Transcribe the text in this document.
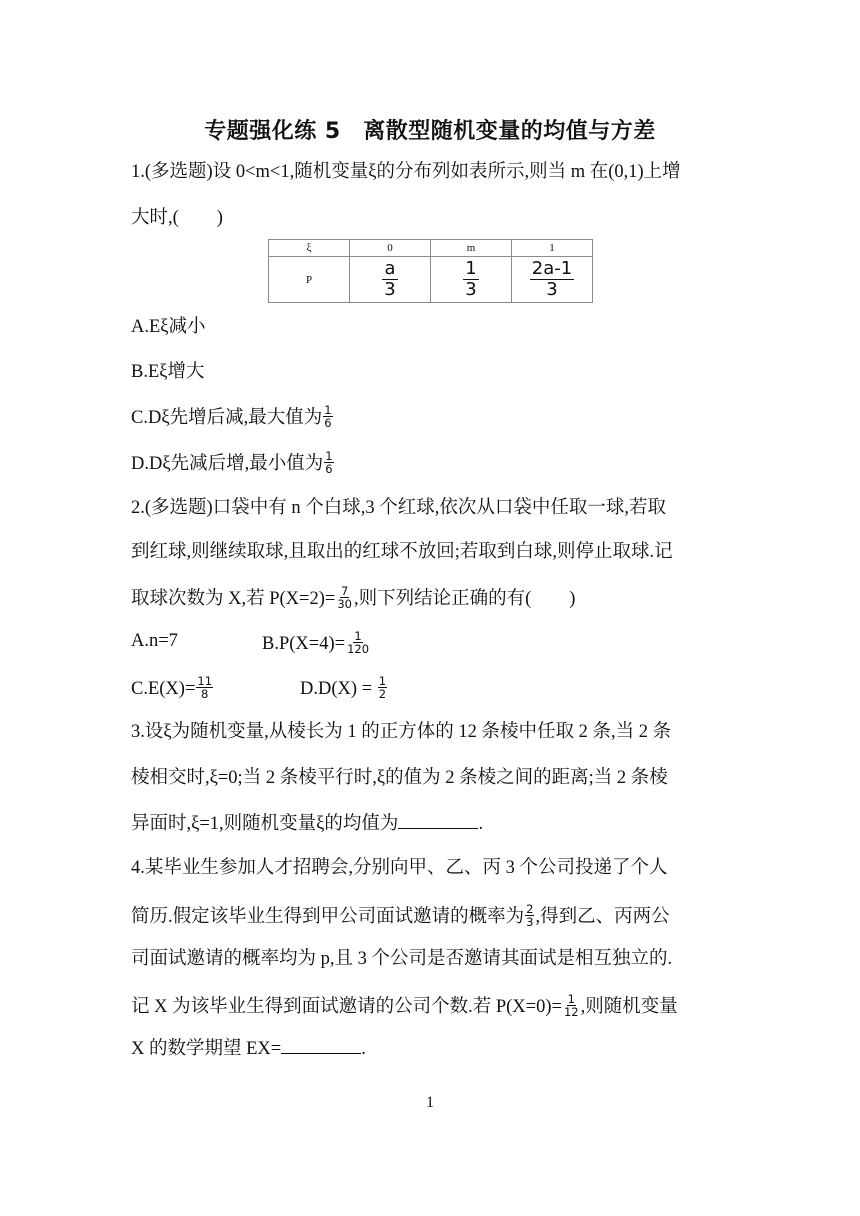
专题强化练 5　离散型随机变量的均值与方差
1.(多选题)设 0<m<1,随机变量ξ的分布列如表所示,则当 m 在(0,1)上增
大时,( )
ξ	0	m	1
P	$\frac{a}{3}$	$\frac{1}{3}$	$\frac{2a-1}{3}$
A.Eξ减小
B.Eξ增大
C.Dξ先增后减,最大值为 $\frac{1}{6}$
D.Dξ先减后增,最小值为 $\frac{1}{6}$
2.(多选题)口袋中有 n 个白球,3 个红球,依次从口袋中任取一球,若取
到红球,则继续取球,且取出的红球不放回;若取到白球,则停止取球.记
取球次数为 X,若 $P(X=2)= \frac{7}{30}$ ,则下列结论正确的有( )
A.n=7	$B.P(X=4)= \frac{1}{120}$
$C.E(X)= \frac{11}{8}$	$D.D(X) = \frac{1}{2}$
3.设ξ为随机变量,从棱长为 1 的正方体的 12 条棱中任取 2 条,当 2 条
棱相交时,ξ=0;当 2 条棱平行时,ξ的值为 2 条棱之间的距离;当 2 条棱
异面时,ξ=1,则随机变量ξ的均值为	.
4.某毕业生参加人才招聘会,分别向甲、乙、丙 3 个公司投递了个人
简历.假定该毕业生得到甲公司面试邀请的概率为 $\frac{2}{3}$ ,得到乙、丙两公
司面试邀请的概率均为 p,且 3 个公司是否邀请其面试是相互独立的.
记 X 为该毕业生得到面试邀请的公司个数.若 $P(X=0)= \frac{1}{12}$ ,则随机变量
X 的数学期望 EX=	.
1
